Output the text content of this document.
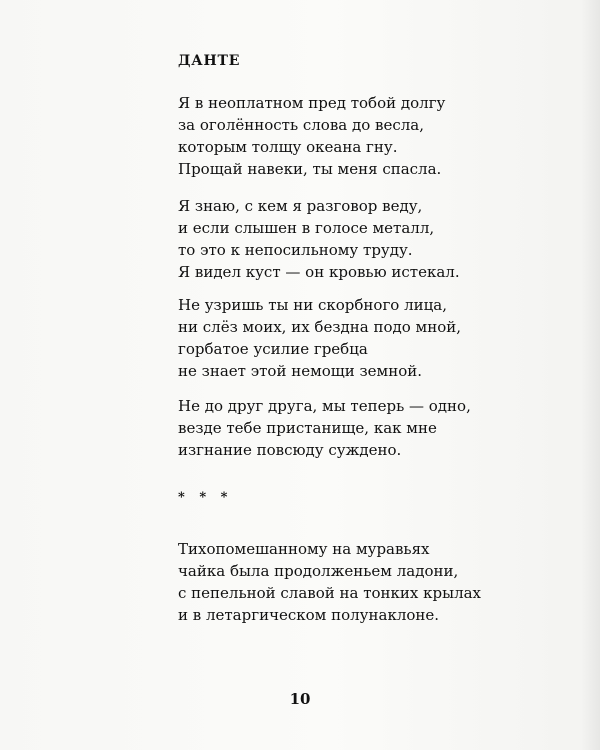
ДАНТЕ
Я в неоплатном пред тобой долгу
за оголённость слова до весла,
которым толщу океана гну.
Прощай навеки, ты меня спасла.
Я знаю, с кем я разговор веду,
и если слышен в голосе металл,
то это к непосильному труду.
Я видел куст — он кровью истекал.
Не узришь ты ни скорбного лица,
ни слёз моих, их бездна подо мной,
горбатое усилие гребца
не знает этой немощи земной.
Не до друг друга, мы теперь — одно,
везде тебе пристанище, как мне
изгнание повсюду суждено.
* * *
Тихопомешанному на муравьях
чайка была продолженьем ладони,
с пепельной славой на тонких крылах
и в летаргическом полунаклоне.
10
